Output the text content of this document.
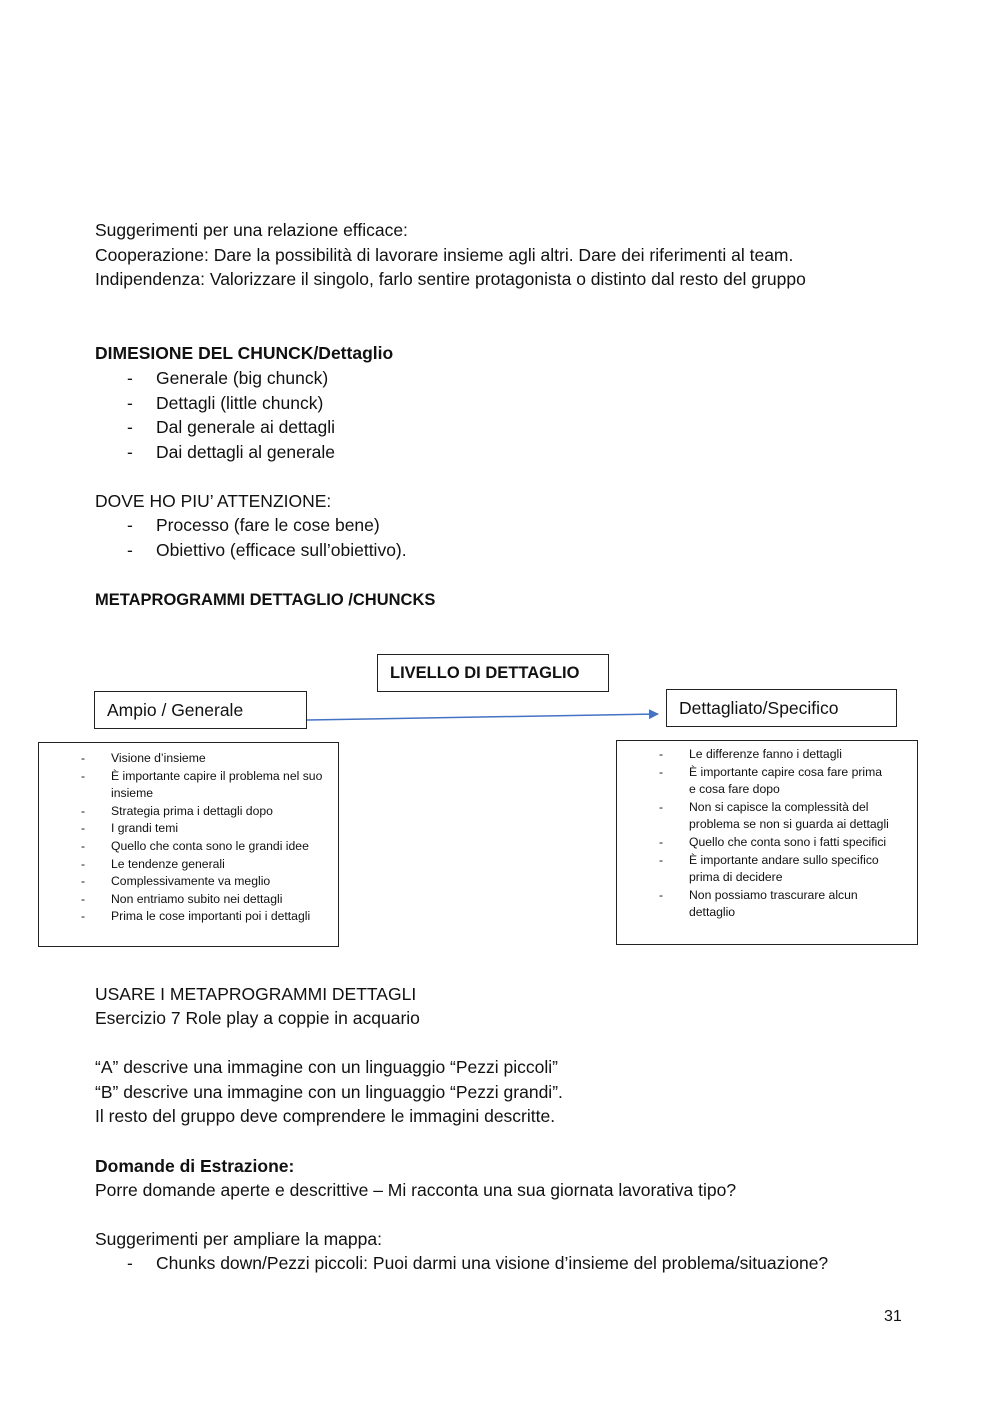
Suggerimenti per una relazione efficace:
Cooperazione: Dare la possibilità di lavorare insieme agli altri. Dare dei riferimenti al team.
Indipendenza: Valorizzare il singolo, farlo sentire protagonista o distinto dal resto del gruppo
DIMESIONE DEL CHUNCK/Dettaglio
- Generale (big chunck)
- Dettagli (little chunck)
- Dal generale ai dettagli
- Dai dettagli al generale
DOVE HO PIU’ ATTENZIONE:
- Processo (fare le cose bene)
- Obiettivo (efficace sull’obiettivo).
METAPROGRAMMI DETTAGLIO /CHUNCKS
LIVELLO DI DETTAGLIO
Ampio / Generale	Dettagliato/Specifico
- Visione d’insieme
- È importante capire il problema nel suo insieme
- Strategia prima i dettagli dopo
- I grandi temi
- Quello che conta sono le grandi idee
- Le tendenze generali
- Complessivamente va meglio
- Non entriamo subito nei dettagli
- Prima le cose importanti poi i dettagli
- Le differenze fanno i dettagli
- È importante capire cosa fare prima e cosa fare dopo
- Non si capisce la complessità del problema se non si guarda ai dettagli
- Quello che conta sono i fatti specifici
- È importante andare sullo specifico prima di decidere
- Non possiamo trascurare alcun dettaglio
USARE I METAPROGRAMMI DETTAGLI
Esercizio 7 Role play a coppie in acquario
“A” descrive una immagine con un linguaggio “Pezzi piccoli”
“B” descrive una immagine con un linguaggio “Pezzi grandi”.
Il resto del gruppo deve comprendere le immagini descritte.
Domande di Estrazione:
Porre domande aperte e descrittive – Mi racconta una sua giornata lavorativa tipo?
Suggerimenti per ampliare la mappa:
- Chunks down/Pezzi piccoli: Puoi darmi una visione d’insieme del problema/situazione?
31
